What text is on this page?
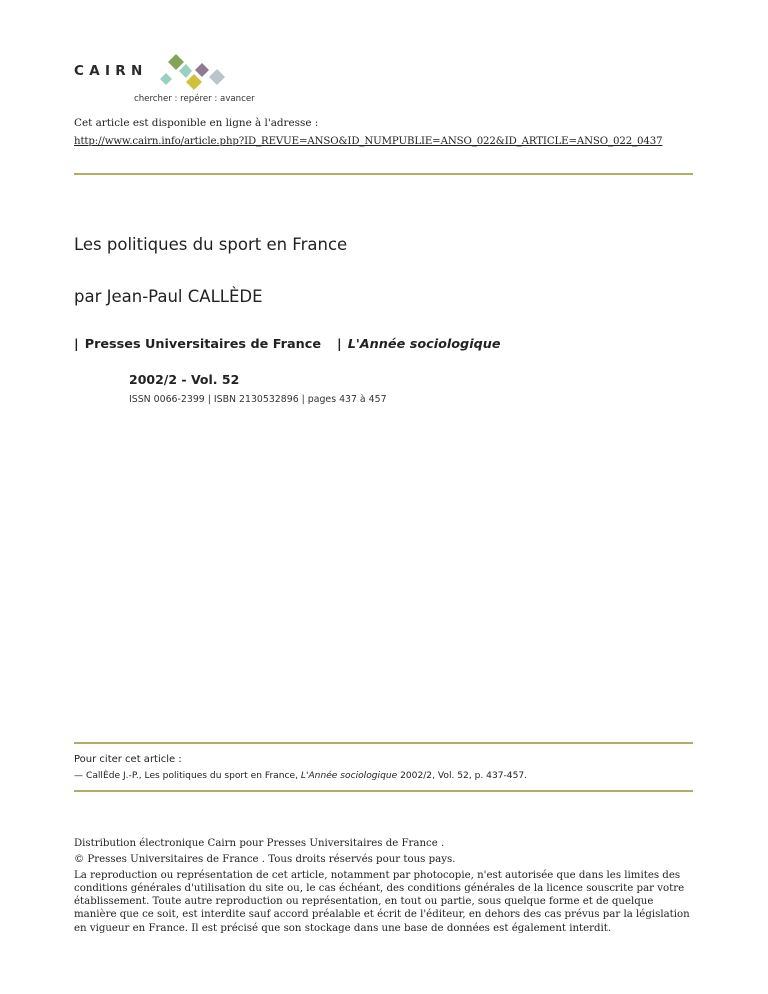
CAIRN
chercher : repérer : avancer
Cet article est disponible en ligne à l'adresse :
http://www.cairn.info/article.php?ID_REVUE=ANSO&ID_NUMPUBLIE=ANSO_022&ID_ARTICLE=ANSO_022_0437
Les politiques du sport en France
par Jean-Paul CALLÈDE
| Presses Universitaires de France | L'Année sociologique
2002/2 - Vol. 52
ISSN 0066-2399 | ISBN 2130532896 | pages 437 à 457
Pour citer cet article :
— CallÈde J.-P., Les politiques du sport en France, L'Année sociologique 2002/2, Vol. 52, p. 437-457.
Distribution électronique Cairn pour Presses Universitaires de France .
© Presses Universitaires de France . Tous droits réservés pour tous pays.
La reproduction ou représentation de cet article, notamment par photocopie, n'est autorisée que dans les limites des conditions générales d'utilisation du site ou, le cas échéant, des conditions générales de la licence souscrite par votre établissement. Toute autre reproduction ou représentation, en tout ou partie, sous quelque forme et de quelque manière que ce soit, est interdite sauf accord préalable et écrit de l'éditeur, en dehors des cas prévus par la législation en vigueur en France. Il est précisé que son stockage dans une base de données est également interdit.
